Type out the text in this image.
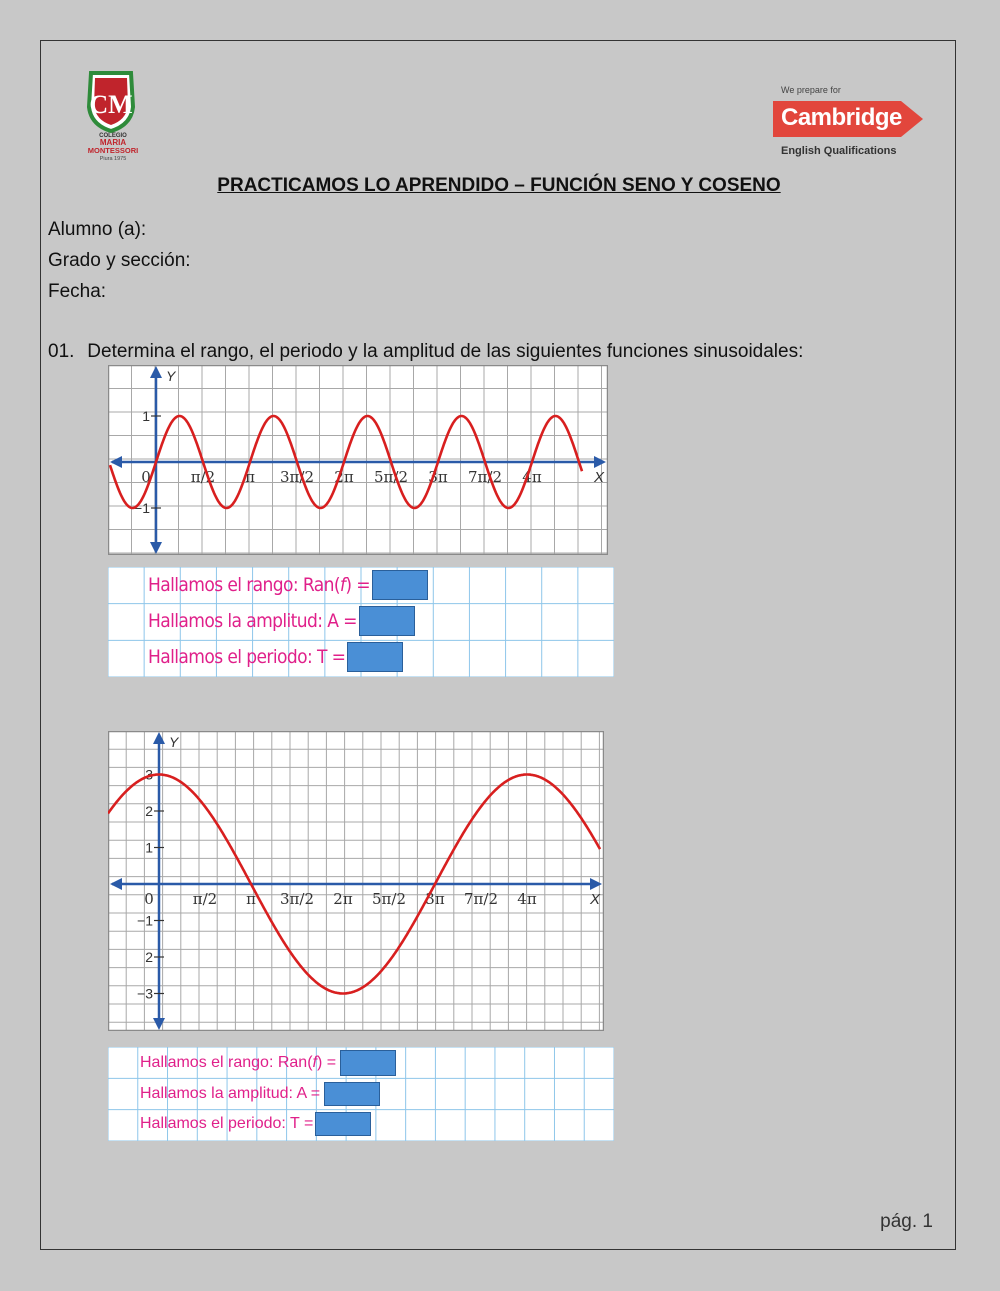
CM
COLEGIO
MARIA
MONTESSORI
Piura 1975
We prepare for
Cambridge
English Qualifications
PRACTICAMOS LO APRENDIDO – FUNCIÓN SENO Y COSENO
Alumno (a):
Grado y sección:
Fecha:
01. Determina el rango, el periodo y la amplitud de las siguientes funciones sinusoidales:
X
Y
0	π/2 π 3π/2 2π 5π/2 3π 7π/2 4π
1
−1
Hallamos el rango: Ran(f) =
Hallamos la amplitud: A =
Hallamos el periodo: T =
X
Y
0	π/2 π 3π/2 2π 5π/2 3π 7π/2 4π
3
2
1
−1
2
−3
Hallamos el rango: Ran(f) =
Hallamos la amplitud: A =
Hallamos el periodo: T =
pág. 1
